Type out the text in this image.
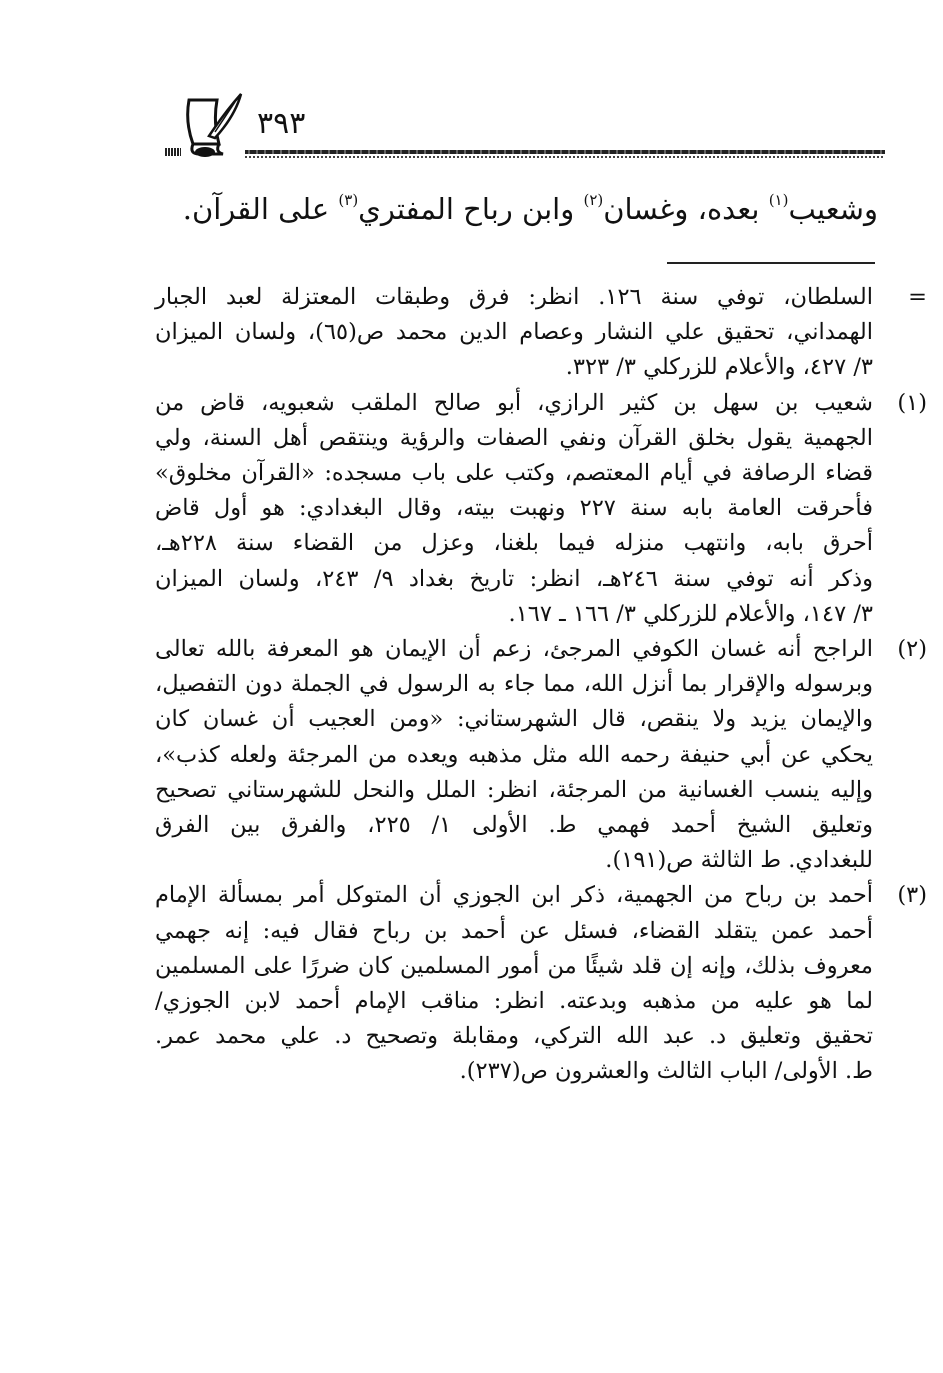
٣٩٣
وشعيب$^{(١)}$ بعده، وغسان$^{(٢)}$ وابن رباح المفتري$^{(٣)}$ على القرآن.
=
السلطان، توفي سنة ١٢٦. انظر: فرق وطبقات المعتزلة لعبد الجبار
الهمداني، تحقيق علي النشار وعصام الدين محمد ص(٦٥)، ولسان الميزان
٣/ ٤٢٧، والأعلام للزركلي ٣/ ٣٢٣.
(١)
شعيب بن سهل بن كثير الرازي، أبو صالح الملقب شعبويه، قاض من
الجهمية يقول بخلق القرآن ونفي الصفات والرؤية وينتقص أهل السنة، ولي
قضاء الرصافة في أيام المعتصم، وكتب على باب مسجده: «القرآن مخلوق»
فأحرقت العامة بابه سنة ٢٢٧ ونهبت بيته، وقال البغدادي: هو أول قاض
أحرق بابه، وانتهب منزله فيما بلغنا، وعزل من القضاء سنة ٢٢٨هـ،
وذكر أنه توفي سنة ٢٤٦هـ، انظر: تاريخ بغداد ٩/ ٢٤٣، ولسان الميزان
٣/ ١٤٧، والأعلام للزركلي ٣/ ١٦٦ ـ ١٦٧.
(٢)
الراجح أنه غسان الكوفي المرجئ، زعم أن الإيمان هو المعرفة بالله تعالى
وبرسوله والإقرار بما أنزل الله، مما جاء به الرسول في الجملة دون التفصيل،
والإيمان يزيد ولا ينقص، قال الشهرستاني: «ومن العجيب أن غسان كان
يحكي عن أبي حنيفة رحمه الله مثل مذهبه ويعده من المرجئة ولعله كذب»،
وإليه ينسب الغسانية من المرجئة، انظر: الملل والنحل للشهرستاني تصحيح
وتعليق الشيخ أحمد فهمي ط. الأولى ١/ ٢٢٥، والفرق بين الفرق
للبغدادي. ط الثالثة ص(١٩١).
(٣)
أحمد بن رباح من الجهمية، ذكر ابن الجوزي أن المتوكل أمر بمسألة الإمام
أحمد عمن يتقلد القضاء، فسئل عن أحمد بن رباح فقال فيه: إنه جهمي
معروف بذلك، وإنه إن قلد شيئًا من أمور المسلمين كان ضررًا على المسلمين
لما هو عليه من مذهبه وبدعته. انظر: مناقب الإمام أحمد لابن الجوزي/
تحقيق وتعليق د. عبد الله التركي، ومقابلة وتصحيح د. علي محمد عمر.
ط. الأولى/ الباب الثالث والعشرون ص(٢٣٧).
